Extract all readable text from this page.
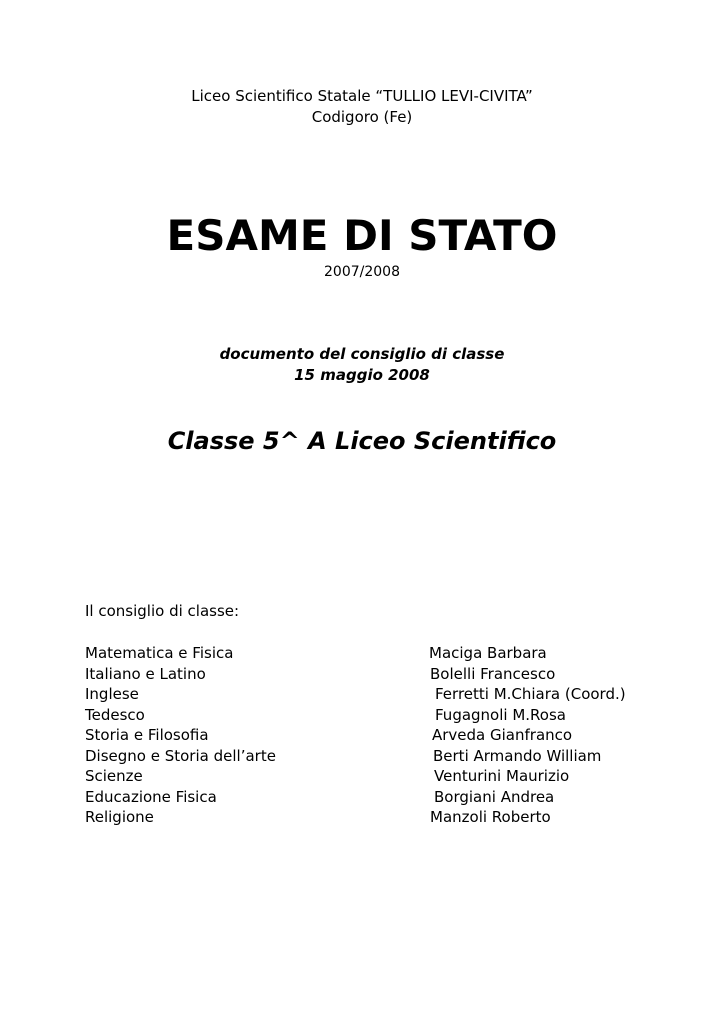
Liceo Scientifico Statale “TULLIO LEVI-CIVITA”
Codigoro (Fe)
ESAME DI STATO
2007/2008
documento del consiglio di classe
15 maggio 2008
Classe 5^ A Liceo Scientifico
Il consiglio di classe:
Matematica e Fisica	Maciga Barbara
Italiano e Latino	Bolelli Francesco
Inglese	Ferretti M.Chiara (Coord.)
Tedesco	Fugagnoli M.Rosa
Storia e Filosofia	Arveda Gianfranco
Disegno e Storia dell’arte	Berti Armando William
Scienze	Venturini Maurizio
Educazione Fisica	Borgiani Andrea
Religione	Manzoli Roberto
